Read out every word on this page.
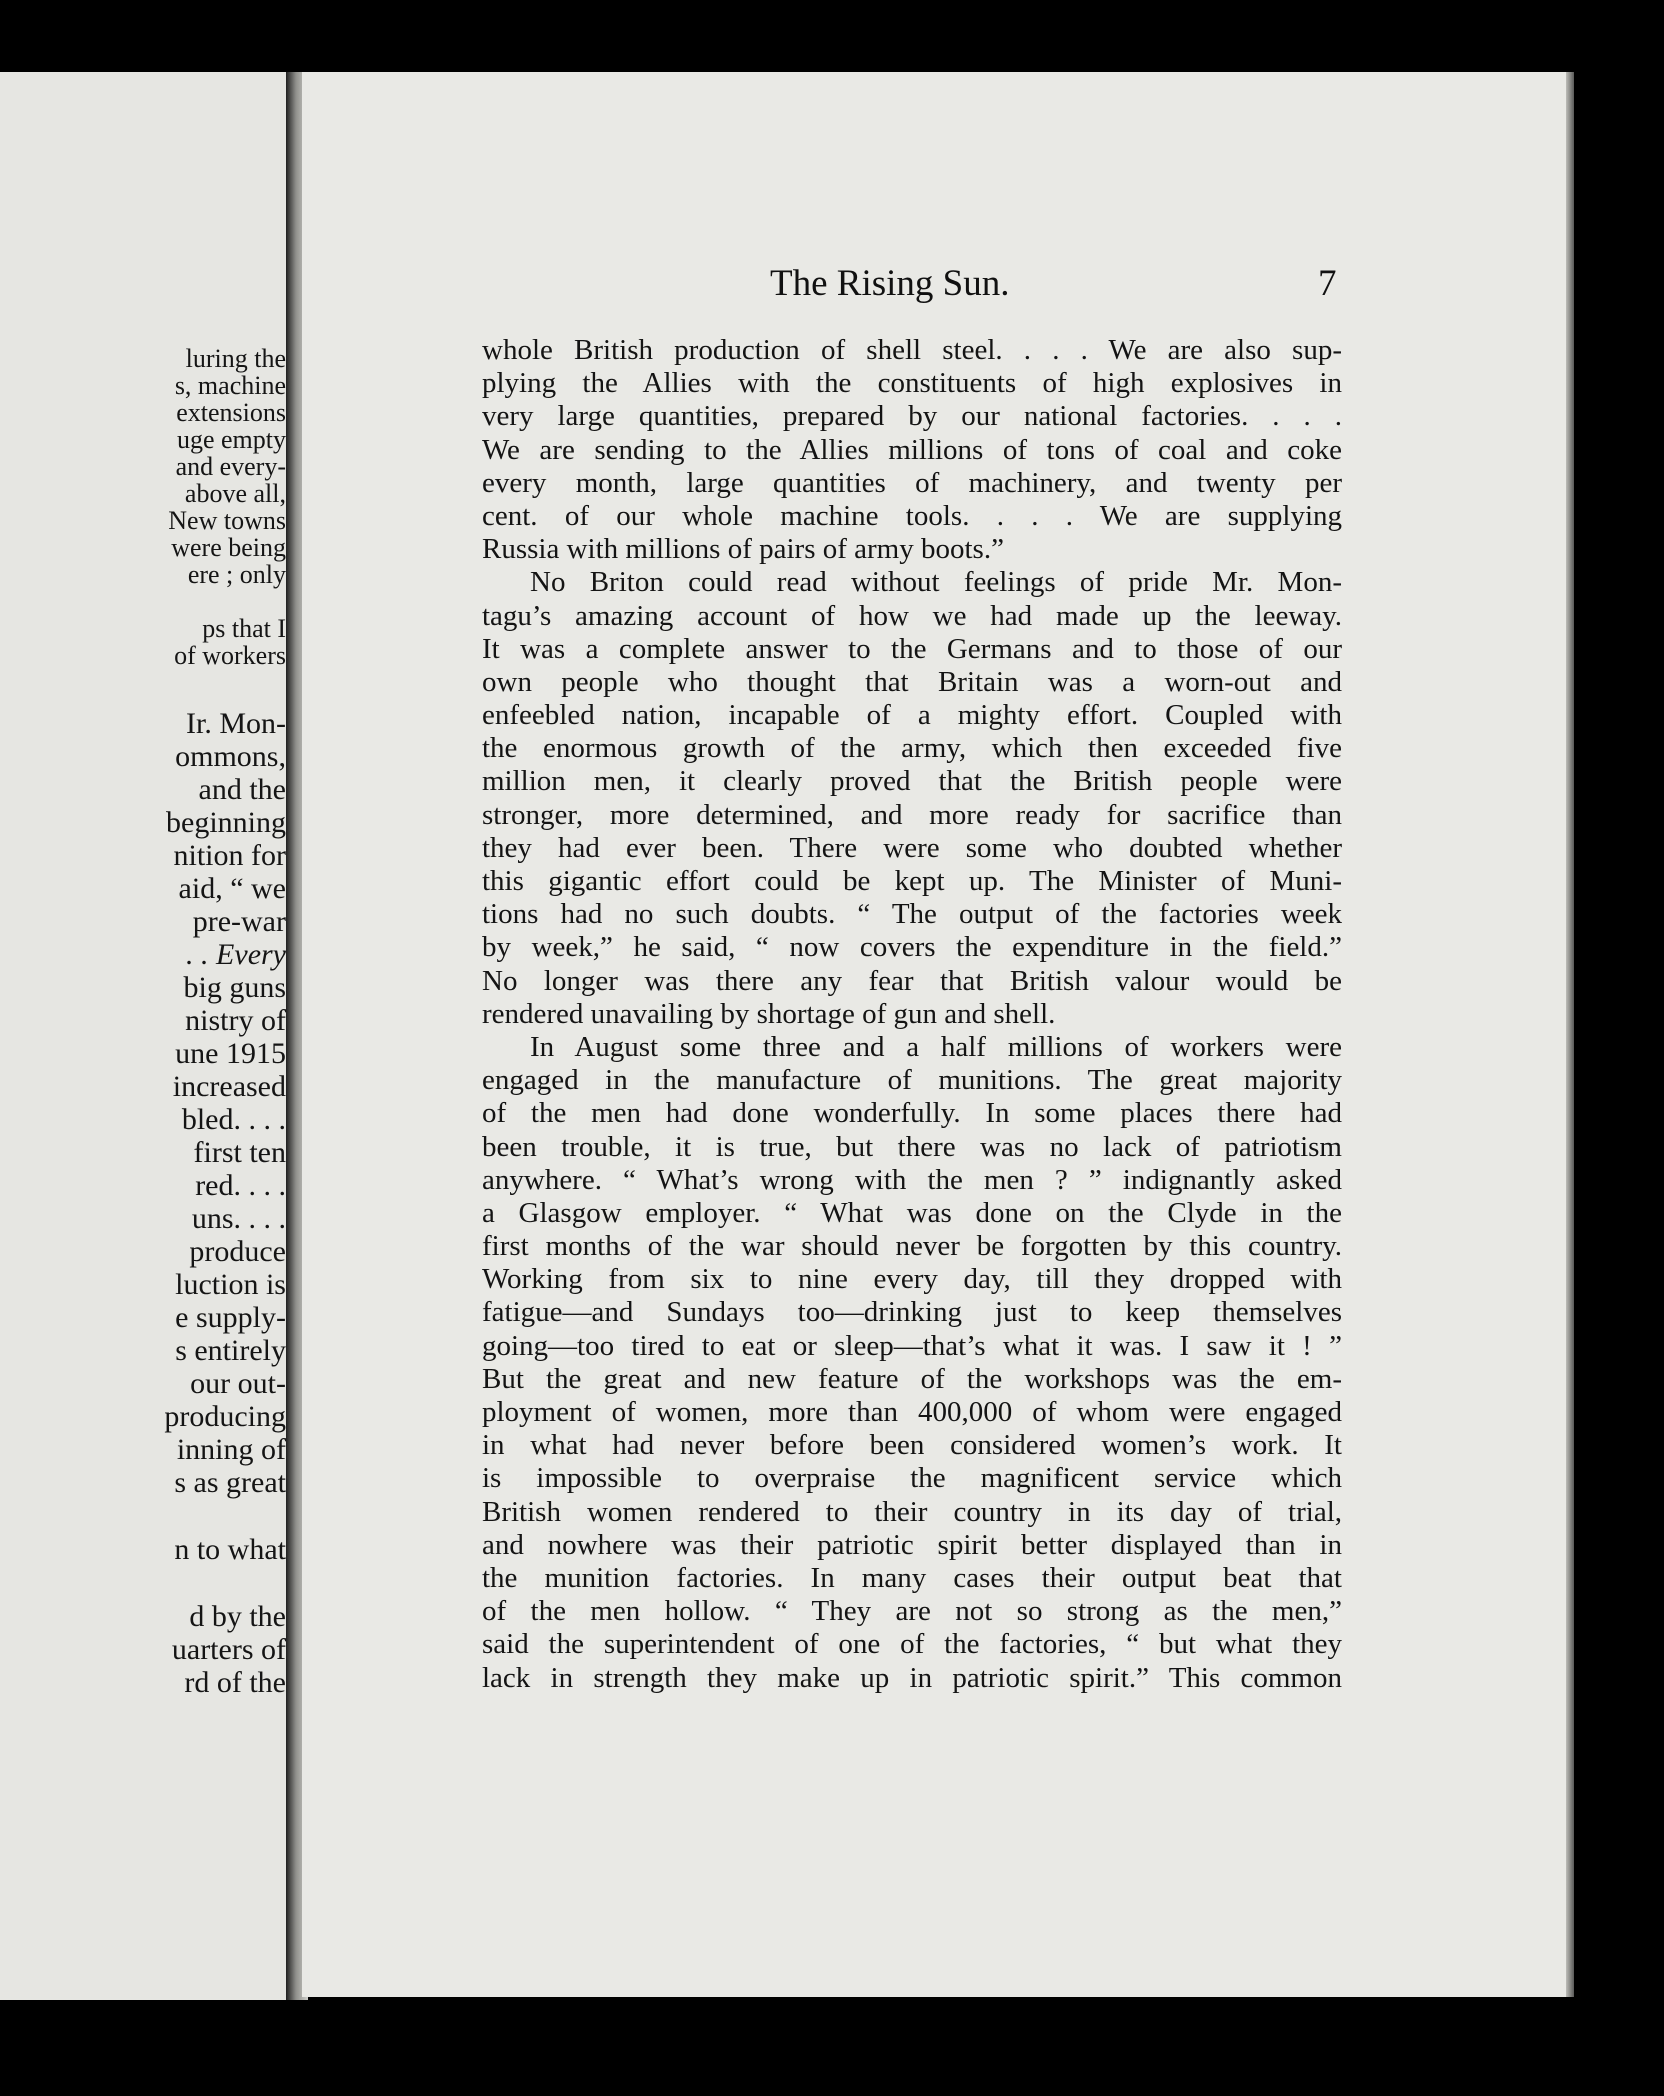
luring the
s, machine
extensions
uge empty
and every-
above all,
New towns
were being
ere ; only
ps that I
of workers
Ir. Mon-
ommons,
and the
beginning
nition for
aid, “ we
pre-war
. . Every
big guns
nistry of
une 1915
increased
bled. . . .
first ten
red. . . .
uns. . . .
produce
luction is
e supply-
s entirely
our out-
producing
inning of
s as great
n to what
d by the
uarters of
rd of the
The Rising Sun.	7
whole British production of shell steel. . . . We are also sup-
plying the Allies with the constituents of high explosives in
very large quantities, prepared by our national factories. . . .
We are sending to the Allies millions of tons of coal and coke
every month, large quantities of machinery, and twenty per
cent. of our whole machine tools. . . . We are supplying
Russia with millions of pairs of army boots.”
No Briton could read without feelings of pride Mr. Mon-
tagu’s amazing account of how we had made up the leeway.
It was a complete answer to the Germans and to those of our
own people who thought that Britain was a worn-out and
enfeebled nation, incapable of a mighty effort. Coupled with
the enormous growth of the army, which then exceeded five
million men, it clearly proved that the British people were
stronger, more determined, and more ready for sacrifice than
they had ever been. There were some who doubted whether
this gigantic effort could be kept up. The Minister of Muni-
tions had no such doubts. “ The output of the factories week
by week,” he said, “ now covers the expenditure in the field.”
No longer was there any fear that British valour would be
rendered unavailing by shortage of gun and shell.
In August some three and a half millions of workers were
engaged in the manufacture of munitions. The great majority
of the men had done wonderfully. In some places there had
been trouble, it is true, but there was no lack of patriotism
anywhere. “ What’s wrong with the men ? ” indignantly asked
a Glasgow employer. “ What was done on the Clyde in the
first months of the war should never be forgotten by this country.
Working from six to nine every day, till they dropped with
fatigue—and Sundays too—drinking just to keep themselves
going—too tired to eat or sleep—that’s what it was. I saw it ! ”
But the great and new feature of the workshops was the em-
ployment of women, more than 400,000 of whom were engaged
in what had never before been considered women’s work. It
is impossible to overpraise the magnificent service which
British women rendered to their country in its day of trial,
and nowhere was their patriotic spirit better displayed than in
the munition factories. In many cases their output beat that
of the men hollow. “ They are not so strong as the men,”
said the superintendent of one of the factories, “ but what they
lack in strength they make up in patriotic spirit.” This common
